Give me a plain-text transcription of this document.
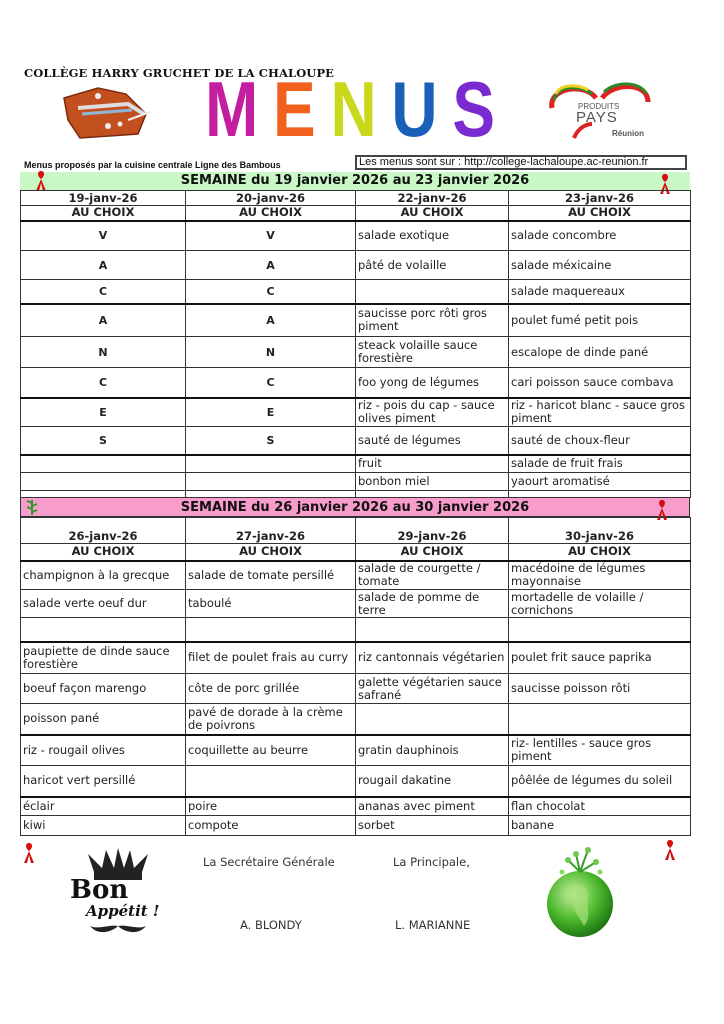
COLLÈGE HARRY GRUCHET DE LA CHALOUPE
M E N U S	PRODUITS
PAYS
Réunion
Menus proposés par la cuisine centrale Ligne des Bambous	Les menus sont sur : http://college-lachaloupe.ac-reunion.fr
SEMAINE du 19 janvier 2026 au 23 janvier 2026
19-janv-26	20-janv-26	22-janv-26	23-janv-26
AU CHOIX	AU CHOIX	AU CHOIX	AU CHOIX
V	V	salade exotique	salade concombre
A	A	pâté de volaille	salade méxicaine
C	C		salade maquereaux
A	A	saucisse porc rôti gros piment	poulet fumé petit pois
N	N	steack volaille sauce forestière	escalope de dinde pané
C	C	foo yong de légumes	cari poisson sauce combava
E	E	riz - pois du cap - sauce olives piment	riz - haricot blanc - sauce gros piment
S	S	sauté de légumes	sauté de choux-fleur
		fruit	salade de fruit frais
		bonbon miel	yaourt aromatisé

SEMAINE du 26 janvier 2026 au 30 janvier 2026
26-janv-26	27-janv-26	29-janv-26	30-janv-26
AU CHOIX	AU CHOIX	AU CHOIX	AU CHOIX
champignon à la grecque	salade de tomate persillé	salade de courgette / tomate	macédoine de légumes mayonnaise
salade verte oeuf dur	taboulé	salade de pomme de terre	mortadelle de volaille / cornichons

paupiette de dinde sauce forestière	filet de poulet frais au curry	riz cantonnais végétarien	poulet frit sauce paprika
boeuf façon marengo	côte de porc grillée	galette végétarien sauce safrané	saucisse poisson rôti
poisson pané	pavé de dorade à la crème de poivrons		
riz - rougail olives	coquillette au beurre	gratin dauphinois	riz- lentilles - sauce gros piment
haricot vert persillé		rougail dakatine	pôêlée de légumes du soleil
éclair	poire	ananas avec piment	flan chocolat
kiwi	compote	sorbet	banane
Bon
Appétit !
La Secrétaire Générale	La Principale,
A. BLONDY	L. MARIANNE
